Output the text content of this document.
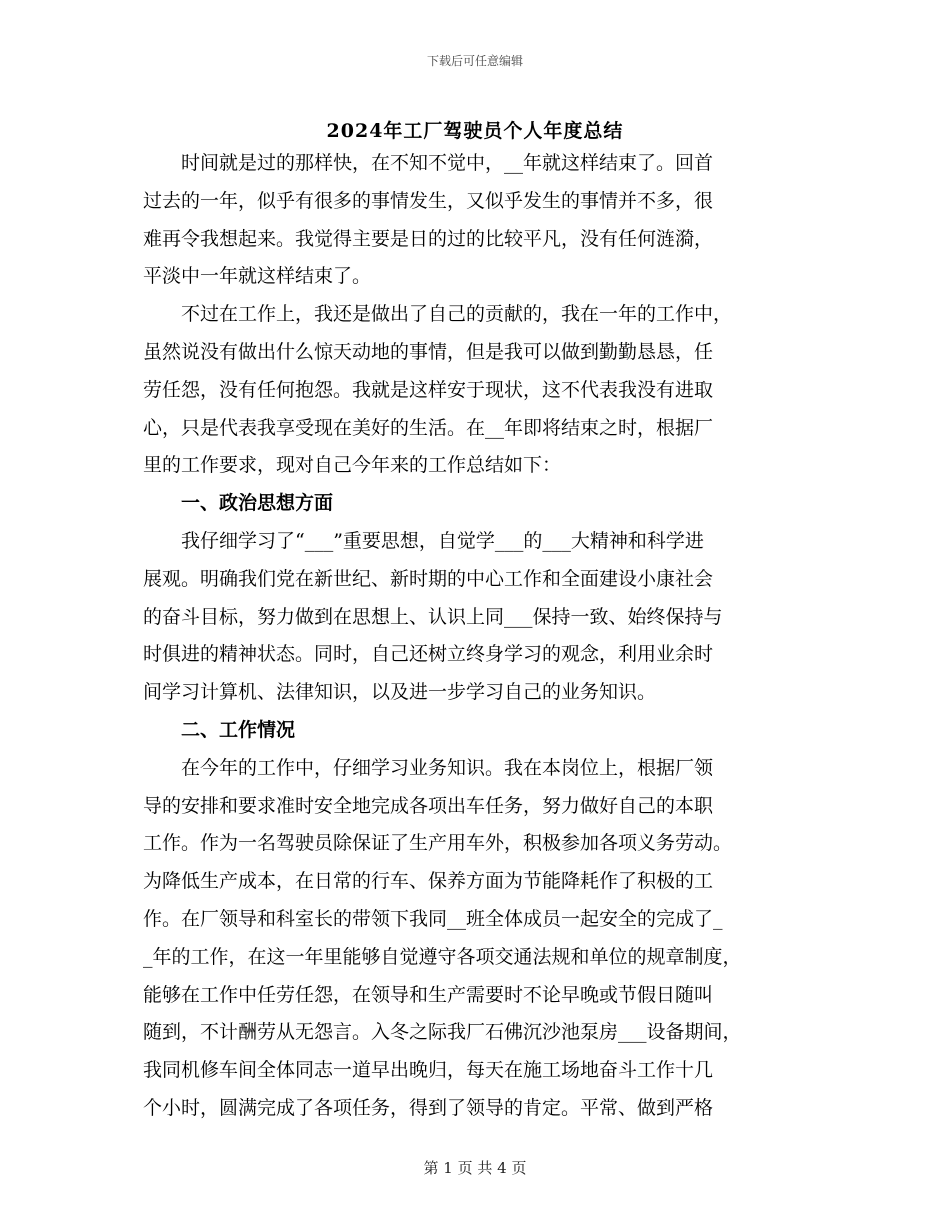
下载后可任意编辑
2024年工厂驾驶员个人年度总结
时间就是过的那样快，在不知不觉中，__年就这样结束了。回首
过去的一年，似乎有很多的事情发生，又似乎发生的事情并不多，很
难再令我想起来。我觉得主要是日的过的比较平凡，没有任何涟漪，
平淡中一年就这样结束了。
不过在工作上，我还是做出了自己的贡献的，我在一年的工作中，
虽然说没有做出什么惊天动地的事情，但是我可以做到勤勤恳恳，任
劳任怨，没有任何抱怨。我就是这样安于现状，这不代表我没有进取
心，只是代表我享受现在美好的生活。在__年即将结束之时，根据厂
里的工作要求，现对自己今年来的工作总结如下：
一、政治思想方面
我仔细学习了“___”重要思想，自觉学___的___大精神和科学进
展观。明确我们党在新世纪、新时期的中心工作和全面建设小康社会
的奋斗目标，努力做到在思想上、认识上同___保持一致、始终保持与
时俱进的精神状态。同时，自己还树立终身学习的观念，利用业余时
间学习计算机、法律知识，以及进一步学习自己的业务知识。
二、工作情况
在今年的工作中，仔细学习业务知识。我在本岗位上，根据厂领
导的安排和要求准时安全地完成各项出车任务，努力做好自己的本职
工作。作为一名驾驶员除保证了生产用车外，积极参加各项义务劳动。
为降低生产成本，在日常的行车、保养方面为节能降耗作了积极的工
作。在厂领导和科室长的带领下我同__班全体成员一起安全的完成了_
_年的工作，在这一年里能够自觉遵守各项交通法规和单位的规章制度，
能够在工作中任劳任怨，在领导和生产需要时不论早晚或节假日随叫
随到，不计酬劳从无怨言。入冬之际我厂石佛沉沙池泵房___设备期间，
我同机修车间全体同志一道早出晚归，每天在施工场地奋斗工作十几
个小时，圆满完成了各项任务，得到了领导的肯定。平常、做到严格
第 1 页 共 4 页
